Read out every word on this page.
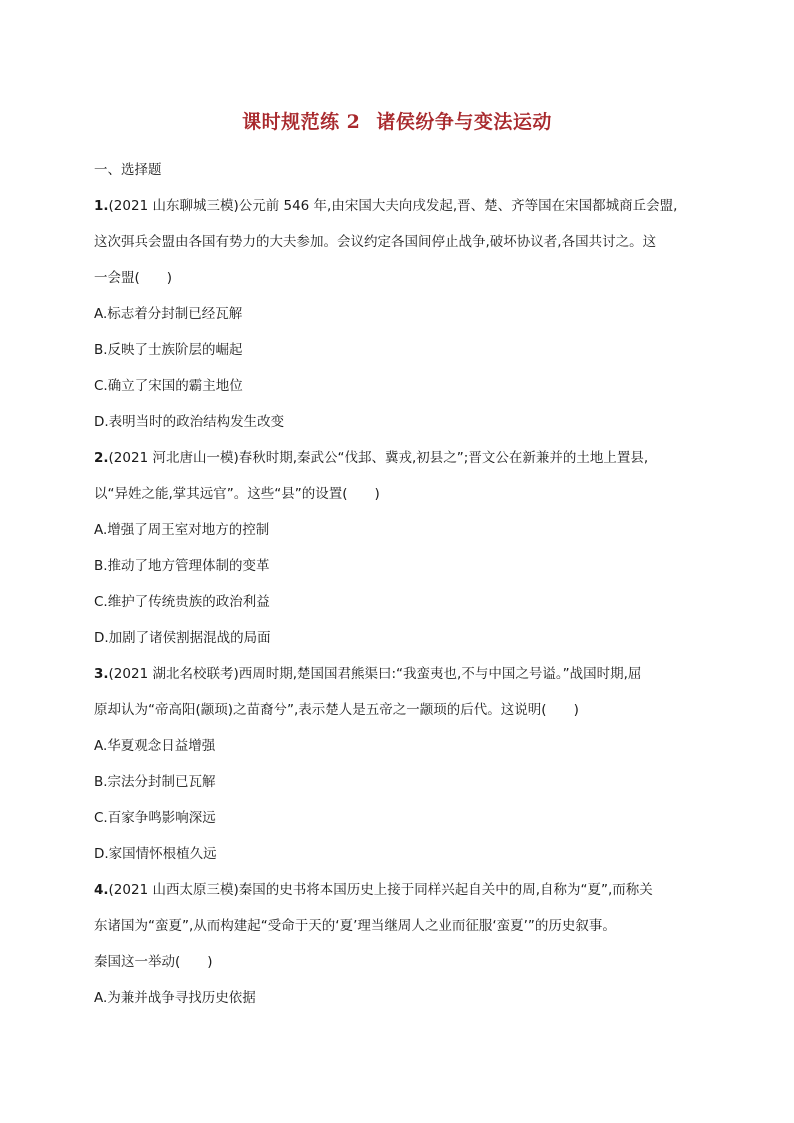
课时规范练 2 诸侯纷争与变法运动
一、选择题
1.(2021 山东聊城三模)公元前 546 年,由宋国大夫向戌发起,晋、楚、齐等国在宋国都城商丘会盟,
这次弭兵会盟由各国有势力的大夫参加。会议约定各国间停止战争,破坏协议者,各国共讨之。这
一会盟(　　)
A.标志着分封制已经瓦解
B.反映了士族阶层的崛起
C.确立了宋国的霸主地位
D.表明当时的政治结构发生改变
2.(2021 河北唐山一模)春秋时期,秦武公“伐邽、冀戎,初县之”;晋文公在新兼并的土地上置县,
以“异姓之能,掌其远官”。这些“县”的设置(　　)
A.增强了周王室对地方的控制
B.推动了地方管理体制的变革
C.维护了传统贵族的政治利益
D.加剧了诸侯割据混战的局面
3.(2021 湖北名校联考)西周时期,楚国国君熊渠曰:“我蛮夷也,不与中国之号谥。”战国时期,屈
原却认为“帝高阳(颛顼)之苗裔兮”,表示楚人是五帝之一颛顼的后代。这说明(　　)
A.华夏观念日益增强
B.宗法分封制已瓦解
C.百家争鸣影响深远
D.家国情怀根植久远
4.(2021 山西太原三模)秦国的史书将本国历史上接于同样兴起自关中的周,自称为“夏”,而称关
东诸国为“蛮夏”,从而构建起“受命于天的‘夏’理当继周人之业而征服‘蛮夏’”的历史叙事。
秦国这一举动(　　)
A.为兼并战争寻找历史依据
